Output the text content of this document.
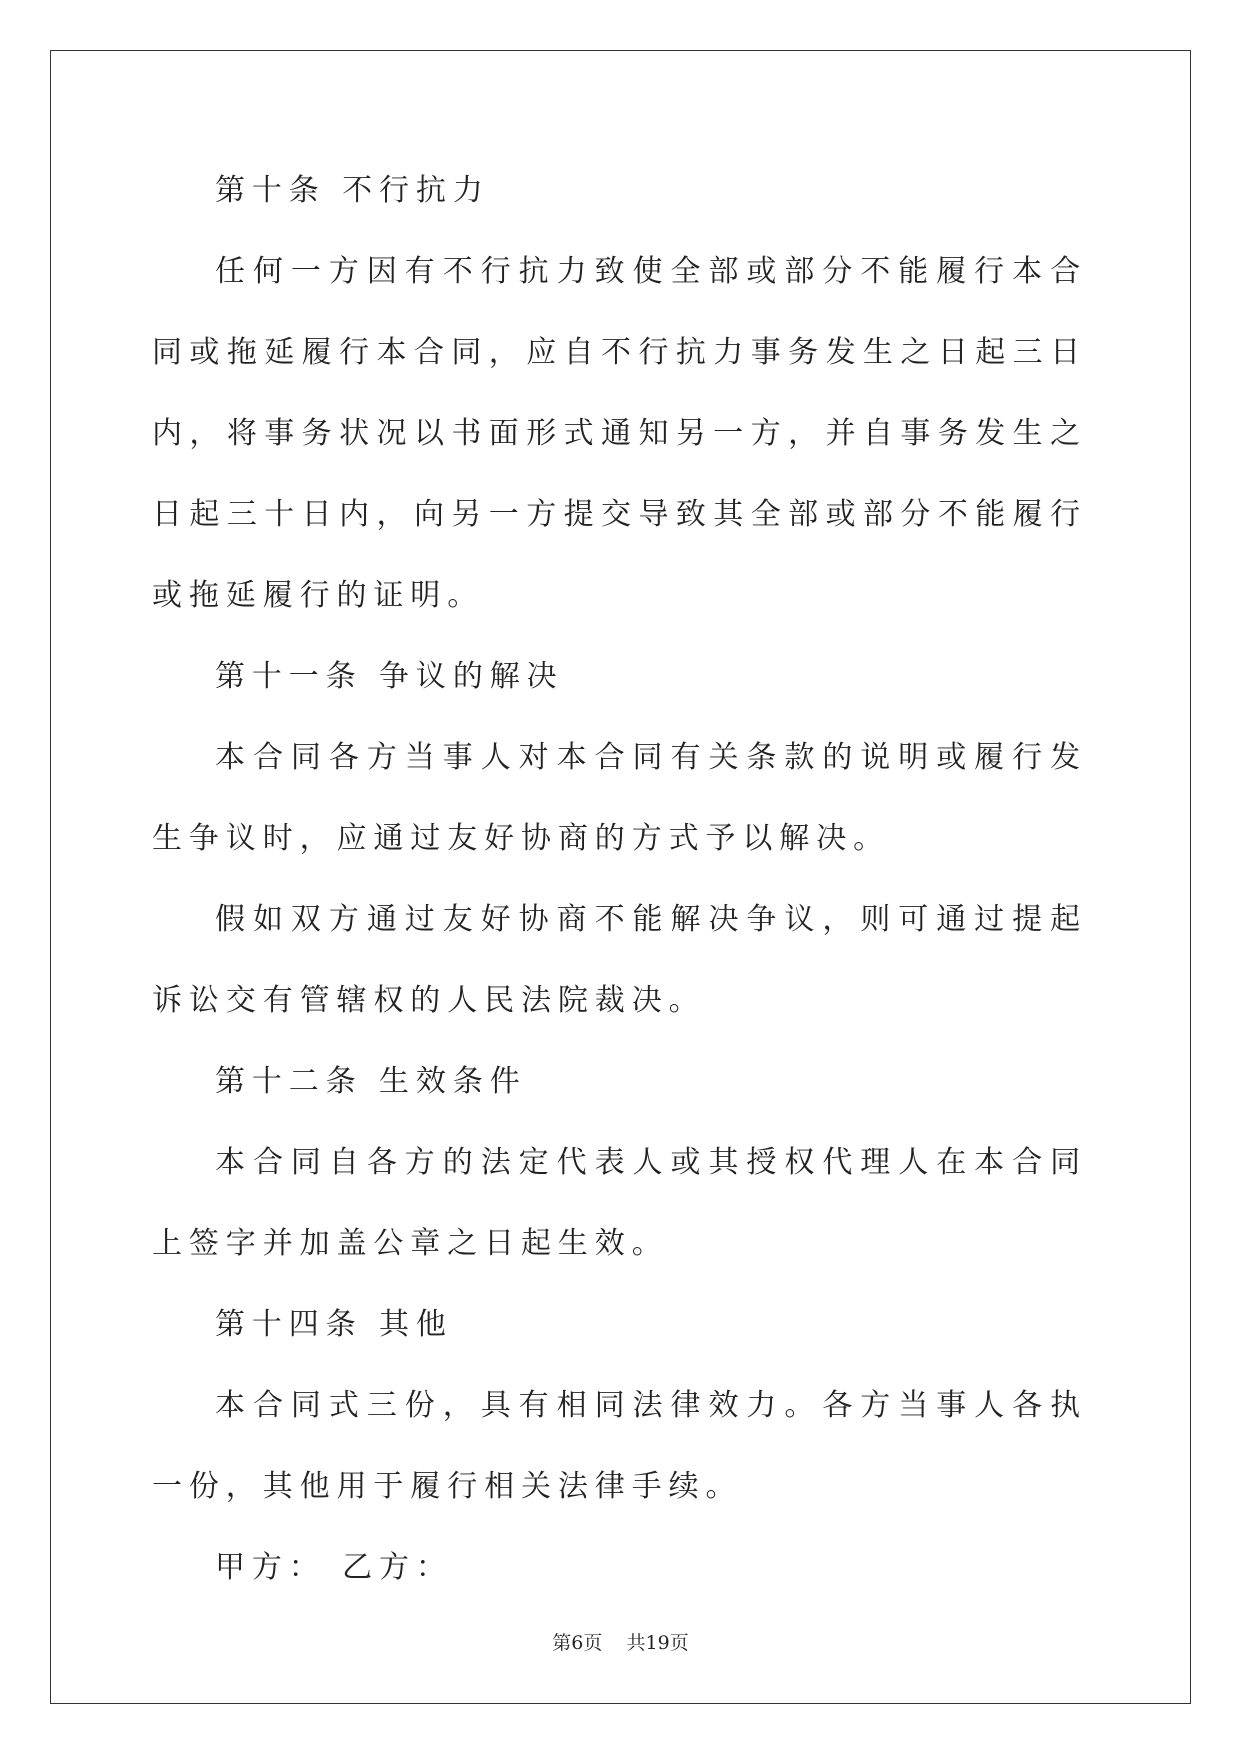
第十条 不行抗力

任何一方因有不行抗力致使全部或部分不能履行本合同或拖延履行本合同，应自不行抗力事务发生之日起三日内，将事务状况以书面形式通知另一方，并自事务发生之日起三十日内，向另一方提交导致其全部或部分不能履行或拖延履行的证明。

第十一条 争议的解决

本合同各方当事人对本合同有关条款的说明或履行发生争议时，应通过友好协商的方式予以解决。

假如双方通过友好协商不能解决争议，则可通过提起诉讼交有管辖权的人民法院裁决。

第十二条 生效条件

本合同自各方的法定代表人或其授权代理人在本合同上签字并加盖公章之日起生效。

第十四条 其他

本合同式三份，具有相同法律效力。各方当事人各执一份，其他用于履行相关法律手续。

甲方： 乙方：

第6页 共19页
